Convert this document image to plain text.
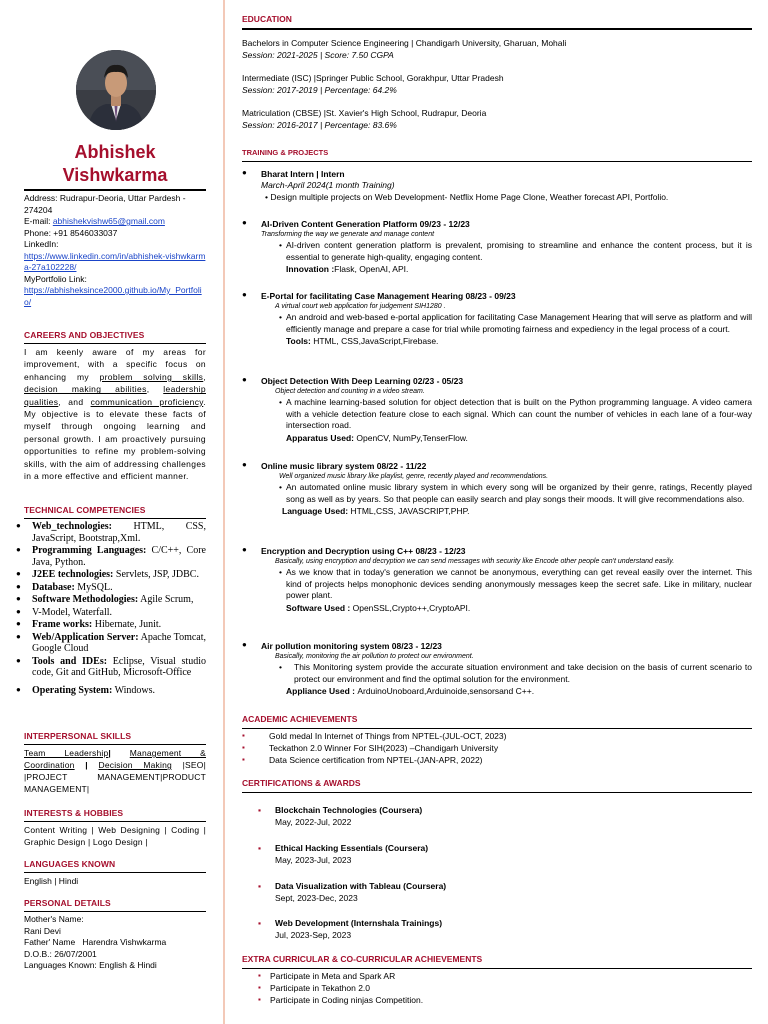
Abhishek
Vishwkarma
Address: Rudrapur-Deoria, Uttar Pardesh - 274204
E-mail: abhishekvishw65@gmail.com
Phone: +91 8546033037
LinkedIn:
https://www.linkedin.com/in/abhishek-vishwkarma-27a102228/
MyPortfolio Link:
https://abhisheksince2000.github.io/My_Portfolio/
CAREERS AND OBJECTIVES
I am keenly aware of my areas for improvement, with a specific focus on enhancing my problem solving skills, decision making abilities, leadership qualities, and communication proficiency. My objective is to elevate these facts of myself through ongoing learning and personal growth. I am proactively pursuing opportunities to refine my problem-solving skills, with the aim of addressing challenges in a more effective and efficient manner.
TECHNICAL COMPETENCIES
● Web_technologies: HTML, CSS, JavaScript, Bootstrap,Xml.
● Programming Languages: C/C++, Core Java, Python.
● J2EE technologies: Servlets, JSP, JDBC.
● Database: MySQL.
● Software Methodologies: Agile Scrum,
● V-Model, Waterfall.
● Frame works: Hibernate, Junit.
● Web/Application Server: Apache Tomcat, Google Cloud
● Tools and IDEs: Eclipse, Visual studio code, Git and GitHub, Microsoft-Office
● Operating System: Windows.
INTERPERSONAL SKILLS
Team Leadership| Management & Coordination | Decision Making |SEO| |PROJECT MANAGEMENT|PRODUCT MANAGEMENT|
INTERESTS & HOBBIES
Content Writing | Web Designing | Coding | Graphic Design | Logo Design |
LANGUAGES KNOWN
English | Hindi
PERSONAL DETAILS
Mother's Name:
Rani Devi
Father' Name Harendra Vishwkarma
D.O.B.: 26/07/2001
Languages Known: English & Hindi
EDUCATION
Bachelors in Computer Science Engineering | Chandigarh University, Gharuan, Mohali
Session: 2021-2025 | Score: 7.50 CGPA
Intermediate (ISC) |Springer Public School, Gorakhpur, Uttar Pradesh
Session: 2017-2019 | Percentage: 64.2%
Matriculation (CBSE) |St. Xavier's High School, Rudrapur, Deoria
Session: 2016-2017 | Percentage: 83.6%
TRAINING & PROJECTS
● Bharat Intern | Intern
March-April 2024(1 month Training)
• Design multiple projects on Web Development- Netflix Home Page Clone, Weather forecast API, Portfolio.
● AI-Driven Content Generation Platform 09/23 - 12/23
Transforming the way we generate and manage content
• AI-driven content generation platform is prevalent, promising to streamline and enhance the content process, but it is essential to generate high-quality, engaging content.
Innovation :Flask, OpenAI, API.
● E-Portal for facilitating Case Management Hearing 08/23 - 09/23
A virtual court web application for judgement SIH1280 .
• An android and web-based e-portal application for facilitating Case Management Hearing that will serve as platform and will efficiently manage and prepare a case for trial while promoting fairness and expediency in the legal process of a court.
Tools: HTML, CSS,JavaScript,Firebase.
● Object Detection With Deep Learning 02/23 - 05/23
Object detection and counting in a video stream.
• A machine learning-based solution for object detection that is built on the Python programming language. A video camera with a vehicle detection feature close to each signal. Which can count the number of vehicles in each lane of a four-way intersection road.
Apparatus Used: OpenCV, NumPy,TenserFlow.
● Online music library system 08/22 - 11/22
Well organized music library like playlist, genre, recently played and recommendations.
• An automated online music library system in which every song will be organized by their genre, ratings, Recently played song as well as by years. So that people can easily search and play songs their moods. It will give recommendations also.
Language Used: HTML,CSS, JAVASCRIPT,PHP.
● Encryption and Decryption using C++ 08/23 - 12/23
Basically, using encryption and decryption we can send messages with security like Encode other people can't understand easily.
• As we know that in today's generation we cannot be anonymous, everything can get reveal easily over the internet. This kind of projects helps monophonic devices sending anonymously messages keep the secret safe. Like in military, nuclear power plant.
Software Used : OpenSSL,Crypto++,CryptoAPI.
● Air pollution monitoring system 08/23 - 12/23
Basically, monitoring the air pollution to protect our environment.
• This Monitoring system provide the accurate situation environment and take decision on the basis of current scenario to protect our environment and find the optimal solution for the environment.
Appliance Used : ArduinoUnoboard,Arduinoide,sensorsand C++.
ACADEMIC ACHIEVEMENTS
▪ Gold medal In Internet of Things from NPTEL-(JUL-OCT, 2023)
▪ Teckathon 2.0 Winner For SIH(2023) –Chandigarh University
▪ Data Science certification from NPTEL-(JAN-APR, 2022)
CERTIFICATIONS & AWARDS
▪ Blockchain Technologies (Coursera)
May, 2022-Jul, 2022
▪ Ethical Hacking Essentials (Coursera)
May, 2023-Jul, 2023
▪ Data Visualization with Tableau (Coursera)
Sept, 2023-Dec, 2023
▪ Web Development (Internshala Trainings)
Jul, 2023-Sep, 2023
EXTRA CURRICULAR & CO-CURRICULAR ACHIEVEMENTS
▪ Participate in Meta and Spark AR
▪ Participate in Tekathon 2.0
▪ Participate in Coding ninjas Competition.
